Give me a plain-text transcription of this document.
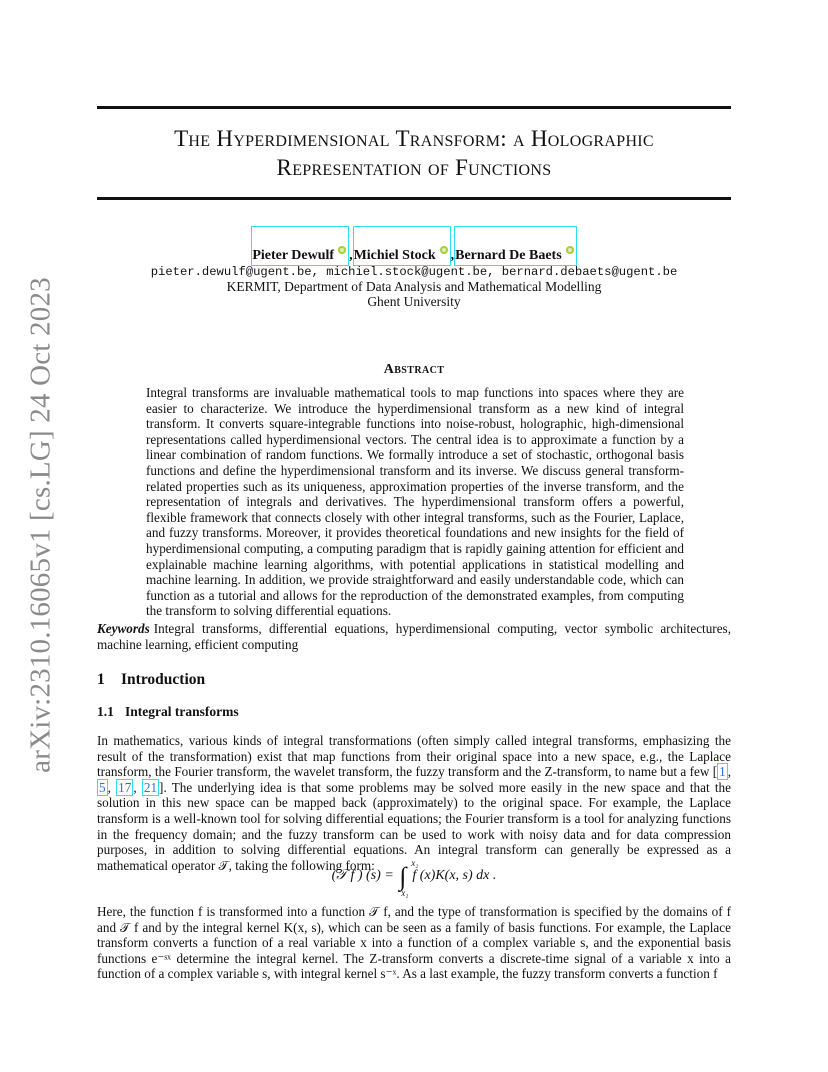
arXiv:2310.16065v1 [cs.LG] 24 Oct 2023
The Hyperdimensional Transform: a Holographic
Representation of Functions
Pieter Dewulf ,Michiel Stock ,Bernard De Baets
pieter.dewulf@ugent.be, michiel.stock@ugent.be, bernard.debaets@ugent.be
KERMIT, Department of Data Analysis and Mathematical Modelling
Ghent University
Abstract

Integral transforms are invaluable mathematical tools to map functions into spaces where they are easier to characterize. We introduce the hyperdimensional transform as a new kind of integral transform. It converts square-integrable functions into noise-robust, holographic, high-dimensional representations called hyperdimensional vectors. The central idea is to approximate a function by a linear combination of random functions. We formally introduce a set of stochastic, orthogonal basis functions and define the hyperdimensional transform and its inverse. We discuss general transform-related properties such as its uniqueness, approximation properties of the inverse transform, and the representation of integrals and derivatives. The hyperdimensional transform offers a powerful, flexible framework that connects closely with other integral transforms, such as the Fourier, Laplace, and fuzzy transforms. Moreover, it provides theoretical foundations and new insights for the field of hyperdimensional computing, a computing paradigm that is rapidly gaining attention for efficient and explainable machine learning algorithms, with potential applications in statistical modelling and machine learning. In addition, we provide straightforward and easily understandable code, which can function as a tutorial and allows for the reproduction of the demonstrated examples, from computing the transform to solving differential equations.

Keywords Integral transforms, differential equations, hyperdimensional computing, vector symbolic architectures, machine learning, efficient computing

1 Introduction
1.1 Integral transforms

In mathematics, various kinds of integral transformations (often simply called integral transforms, emphasizing the result of the transformation) exist that map functions from their original space into a new space, e.g., the Laplace transform, the Fourier transform, the wavelet transform, the fuzzy transform and the Z-transform, to name but a few [ 1 , 5 , 17 , 21 ]. The underlying idea is that some problems may be solved more easily in the new space and that the solution in this new space can be mapped back (approximately) to the original space. For example, the Laplace transform is a well-known tool for solving differential equations; the Fourier transform is a tool for analyzing functions in the frequency domain; and the fuzzy transform can be used to work with noisy data and for data compression purposes, in addition to solving differential equations. An integral transform can generally be expressed as a mathematical operator 𝒯, taking the following form:

(𝒯 f ) (s) = ∫ x₂
x₁
f (x)K(x, s) dx .

Here, the function f is transformed into a function 𝒯 f, and the type of transformation is specified by the domains of f and 𝒯 f and by the integral kernel K(x, s), which can be seen as a family of basis functions. For example, the Laplace transform converts a function of a real variable x into a function of a complex variable s, and the exponential basis functions e⁻ˢˣ determine the integral kernel. The Z-transform converts a discrete-time signal of a variable x into a function of a complex variable s, with integral kernel s⁻ˣ. As a last example, the fuzzy transform converts a function f
